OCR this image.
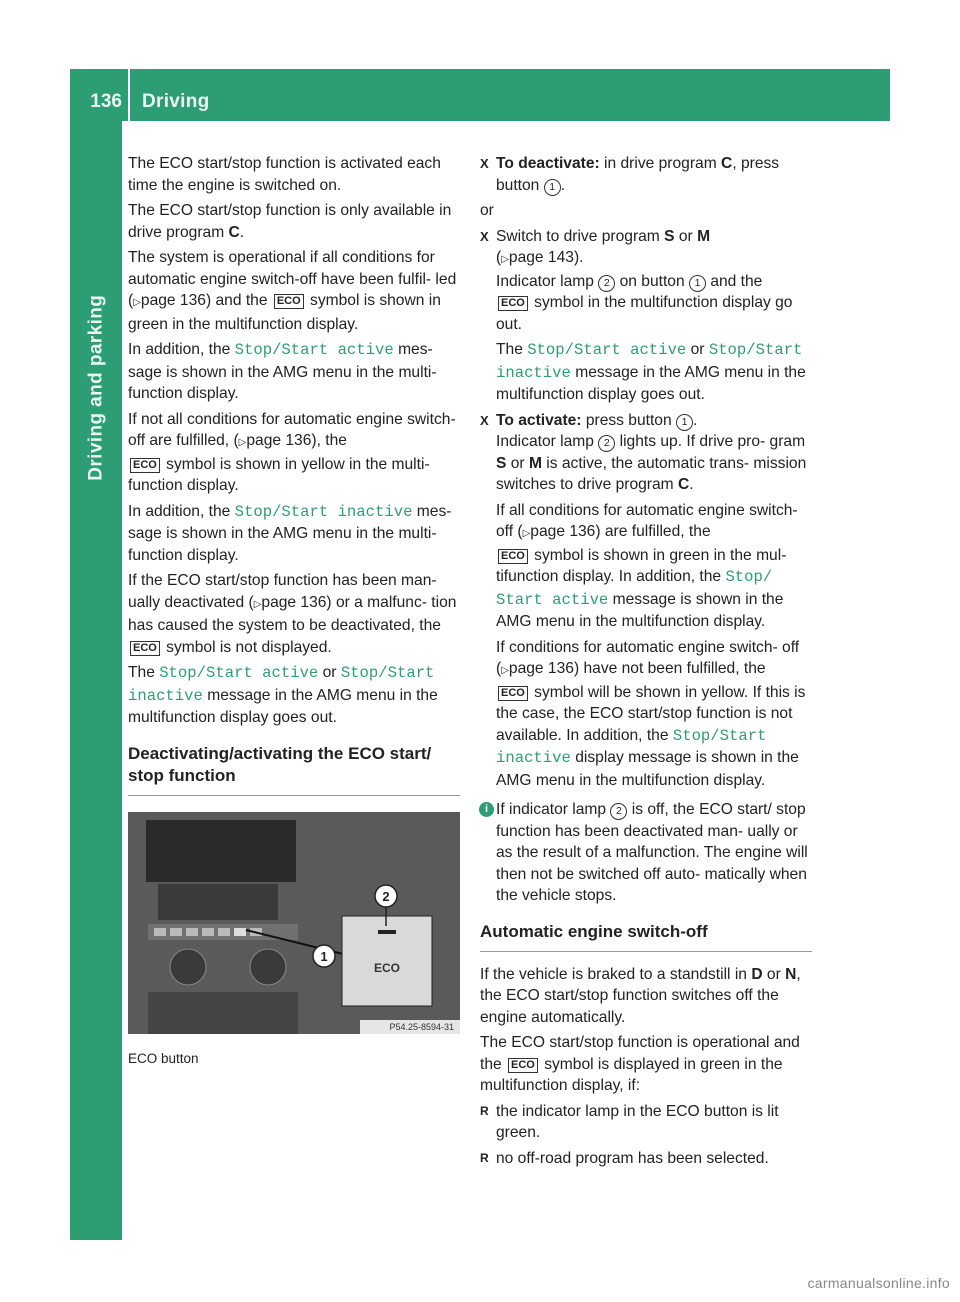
136	Driving
Driving and parking

The ECO start/stop function is activated each time the engine is switched on.

The ECO start/stop function is only available in drive program C.

The system is operational if all conditions for automatic engine switch-off have been fulfil- led (▷page 136) and the ECO symbol is shown in green in the multifunction display.

In addition, the Stop/Start active mes- sage is shown in the AMG menu in the multi- function display.

If not all conditions for automatic engine switch-off are fulfilled, (▷page 136), the
ECO symbol is shown in yellow in the multi- function display.

In addition, the Stop/Start inactive mes- sage is shown in the AMG menu in the multi- function display.

If the ECO start/stop function has been man- ually deactivated (▷page 136) or a malfunc- tion has caused the system to be deactivated, the ECO symbol is not displayed.

The Stop/Start active or Stop/Start inactive message in the AMG menu in the multifunction display goes out.

Deactivating/activating the ECO start/ stop function
ECO
2
1
P54.25-8594-31
ECO button
X To deactivate: in drive program C, press button 1 .

or

X Switch to drive program S or M
(▷page 143).
Indicator lamp 2 on button 1 and the
ECO symbol in the multifunction display go out.
The Stop/Start active or Stop/Start inactive message in the AMG menu in the multifunction display goes out.
X To activate: press button 1 .
Indicator lamp 2 lights up. If drive pro- gram S or M is active, the automatic trans- mission switches to drive program C.
If all conditions for automatic engine switch-off (▷page 136) are fulfilled, the
ECO symbol is shown in green in the mul- tifunction display. In addition, the Stop/ Start active message is shown in the AMG menu in the multifunction display.
If conditions for automatic engine switch- off (▷page 136) have not been fulfilled, the
ECO symbol will be shown in yellow. If this is the case, the ECO start/stop function is not available. In addition, the Stop/Start inactive display message is shown in the AMG menu in the multifunction display.
i If indicator lamp 2 is off, the ECO start/ stop function has been deactivated man- ually or as the result of a malfunction. The engine will then not be switched off auto- matically when the vehicle stops.
Automatic engine switch-off

If the vehicle is braked to a standstill in D or N, the ECO start/stop function switches off the engine automatically.

The ECO start/stop function is operational and the ECO symbol is displayed in green in the multifunction display, if:

R the indicator lamp in the ECO button is lit green.
R no off-road program has been selected.
carmanualsonline.info
